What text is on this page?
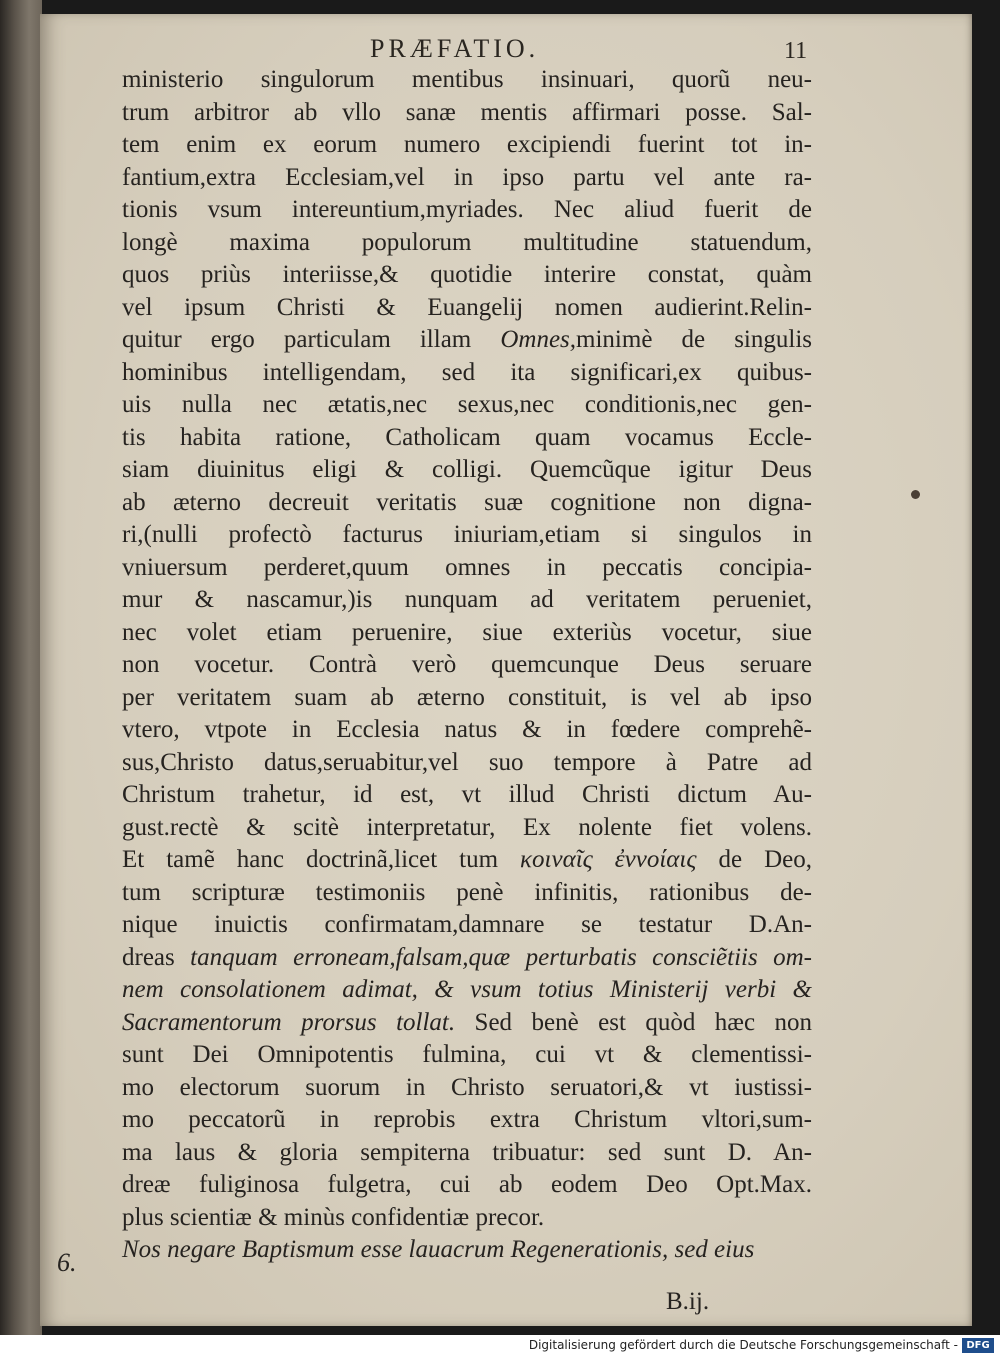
PRÆFATIO.	11
ministerio singulorum mentibus insinuari, quorũ neu-
trum arbitror ab vllo sanæ mentis affirmari posse. Sal-
tem enim ex eorum numero excipiendi fuerint tot in-
fantium,extra Ecclesiam,vel in ipso partu vel ante ra-
tionis vsum intereuntium,myriades. Nec aliud fuerit de
longè maxima populorum multitudine statuendum,
quos priùs interiisse,& quotidie interire constat, quàm
vel ipsum Christi & Euangelij nomen audierint.Relin-
quitur ergo particulam illam Omnes,minimè de singulis
hominibus intelligendam, sed ita significari,ex quibus-
uis nulla nec ætatis,nec sexus,nec conditionis,nec gen-
tis habita ratione, Catholicam quam vocamus Eccle-
siam diuinitus eligi & colligi. Quemcũque igitur Deus
ab æterno decreuit veritatis suæ cognitione non digna-
ri,(nulli profectò facturus iniuriam,etiam si singulos in
vniuersum perderet,quum omnes in peccatis concipia-
mur & nascamur,)is nunquam ad veritatem perueniet,
nec volet etiam peruenire, siue exteriùs vocetur, siue
non vocetur. Contrà verò quemcunque Deus seruare
per veritatem suam ab æterno constituit, is vel ab ipso
vtero, vtpote in Ecclesia natus & in fœdere comprehẽ-
sus,Christo datus,seruabitur,vel suo tempore à Patre ad
Christum trahetur, id est, vt illud Christi dictum Au-
gust.rectè & scitè interpretatur, Ex nolente fiet volens.
Et tamẽ hanc doctrinã,licet tum κοιναῖς ἐννοίαις de Deo,
tum scripturæ testimoniis penè infinitis, rationibus de-
nique inuictis confirmatam,damnare se testatur D.An-
dreas tanquam erroneam,falsam,quæ perturbatis consciẽtiis om-
nem consolationem adimat, & vsum totius Ministerij verbi &
Sacramentorum prorsus tollat. Sed benè est quòd hæc non
sunt Dei Omnipotentis fulmina, cui vt & clementissi-
mo electorum suorum in Christo seruatori,& vt iustissi-
mo peccatorũ in reprobis extra Christum vltori,sum-
ma laus & gloria sempiterna tribuatur: sed sunt D. An-
dreæ fuliginosa fulgetra, cui ab eodem Deo Opt.Max.
plus scientiæ & minùs confidentiæ precor.
Nos negare Baptismum esse lauacrum Regenerationis, sed eius
6.
B.ij.
Digitalisierung gefördert durch die Deutsche Forschungsgemeinschaft - DFG
